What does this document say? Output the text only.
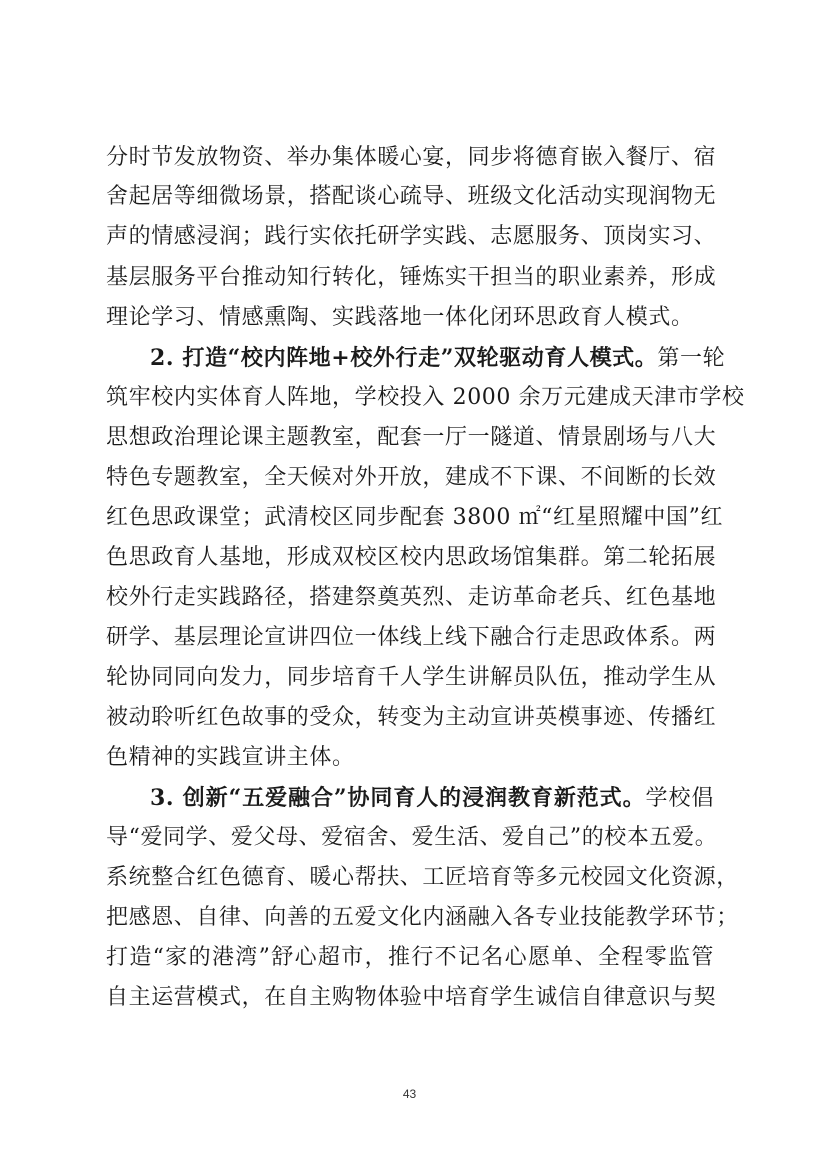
分时节发放物资、举办集体暖心宴，同步将德育嵌入餐厅、宿
舍起居等细微场景，搭配谈心疏导、班级文化活动实现润物无
声的情感浸润；践行实依托研学实践、志愿服务、顶岗实习、
基层服务平台推动知行转化，锤炼实干担当的职业素养，形成
理论学习、情感熏陶、实践落地一体化闭环思政育人模式。
2. 打造“校内阵地+校外行走”双轮驱动育人模式。第一轮
筑牢校内实体育人阵地，学校投入 2000 余万元建成天津市学校
思想政治理论课主题教室，配套一厅一隧道、情景剧场与八大
特色专题教室，全天候对外开放，建成不下课、不间断的长效
红色思政课堂；武清校区同步配套 3800 ㎡“红星照耀中国”红
色思政育人基地，形成双校区校内思政场馆集群。第二轮拓展
校外行走实践路径，搭建祭奠英烈、走访革命老兵、红色基地
研学、基层理论宣讲四位一体线上线下融合行走思政体系。两
轮协同同向发力，同步培育千人学生讲解员队伍，推动学生从
被动聆听红色故事的受众，转变为主动宣讲英模事迹、传播红
色精神的实践宣讲主体。
3. 创新“五爱融合”协同育人的浸润教育新范式。学校倡
导“爱同学、爱父母、爱宿舍、爱生活、爱自己”的校本五爱。
系统整合红色德育、暖心帮扶、工匠培育等多元校园文化资源，
把感恩、自律、向善的五爱文化内涵融入各专业技能教学环节；
打造“家的港湾”舒心超市，推行不记名心愿单、全程零监管
自主运营模式，在自主购物体验中培育学生诚信自律意识与契
43
